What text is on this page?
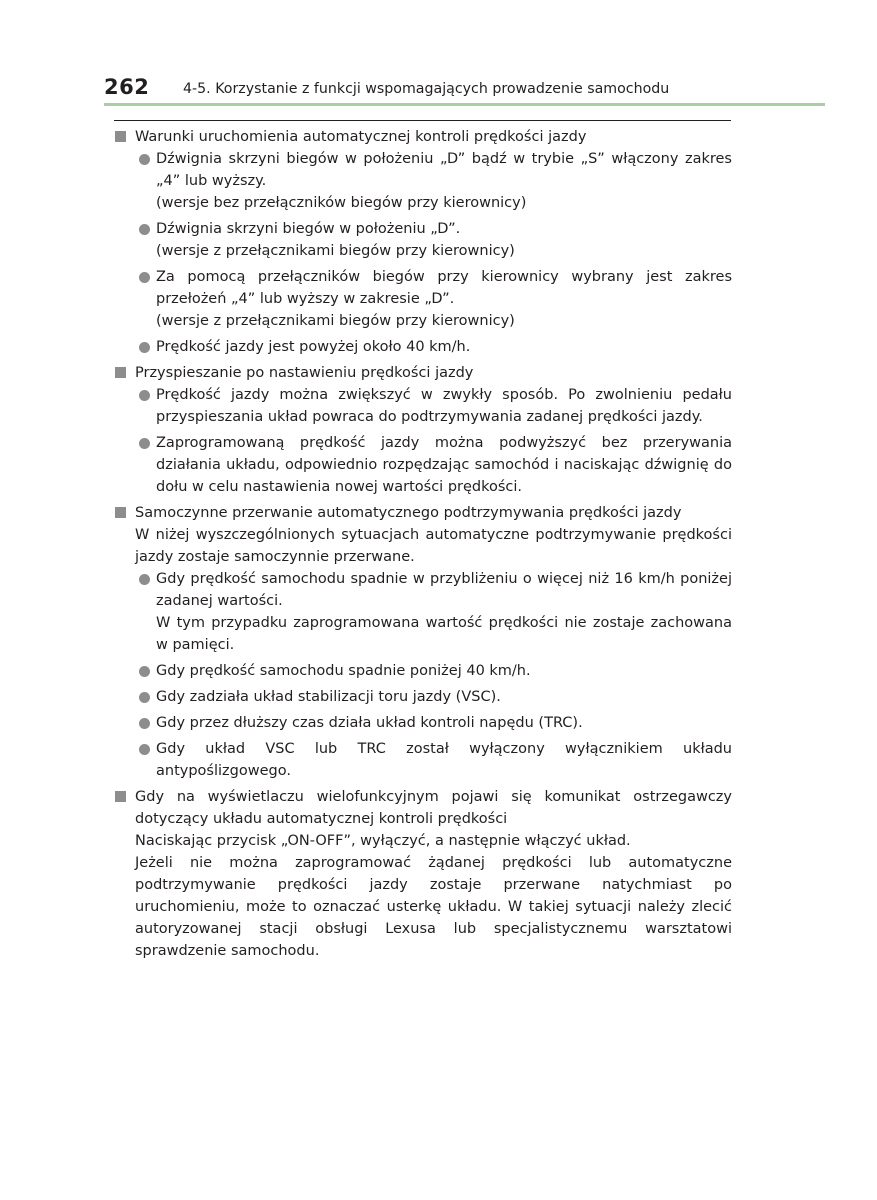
262 4-5. Korzystanie z funkcji wspomagających prowadzenie samochodu
Warunki uruchomienia automatycznej kontroli prędkości jazdy
Dźwignia skrzyni biegów w położeniu „D” bądź w trybie „S” włączony zakres „4” lub wyższy.
(wersje bez przełączników biegów przy kierownicy)
Dźwignia skrzyni biegów w położeniu „D”.
(wersje z przełącznikami biegów przy kierownicy)
Za pomocą przełączników biegów przy kierownicy wybrany jest zakres przełożeń „4” lub wyższy w zakresie „D”.
(wersje z przełącznikami biegów przy kierownicy)
Prędkość jazdy jest powyżej około 40 km/h.
Przyspieszanie po nastawieniu prędkości jazdy
Prędkość jazdy można zwiększyć w zwykły sposób. Po zwolnieniu pedału przyspieszania układ powraca do podtrzymywania zadanej prędkości jazdy.
Zaprogramowaną prędkość jazdy można podwyższyć bez przerywania działania układu, odpowiednio rozpędzając samochód i naciskając dźwignię do dołu w celu nastawienia nowej wartości prędkości.
Samoczynne przerwanie automatycznego podtrzymywania prędkości jazdy
W niżej wyszczególnionych sytuacjach automatyczne podtrzymywanie prędkości jazdy zostaje samoczynnie przerwane.
Gdy prędkość samochodu spadnie w przybliżeniu o więcej niż 16 km/h poniżej zadanej wartości.
W tym przypadku zaprogramowana wartość prędkości nie zostaje zachowana w pamięci.
Gdy prędkość samochodu spadnie poniżej 40 km/h.
Gdy zadziała układ stabilizacji toru jazdy (VSC).
Gdy przez dłuższy czas działa układ kontroli napędu (TRC).
Gdy układ VSC lub TRC został wyłączony wyłącznikiem układu antypoślizgowego.
Gdy na wyświetlaczu wielofunkcyjnym pojawi się komunikat ostrzegawczy dotyczący układu automatycznej kontroli prędkości
Naciskając przycisk „ON-OFF”, wyłączyć, a następnie włączyć układ.
Jeżeli nie można zaprogramować żądanej prędkości lub automatyczne podtrzymywanie prędkości jazdy zostaje przerwane natychmiast po uruchomieniu, może to oznaczać usterkę układu. W takiej sytuacji należy zlecić autoryzowanej stacji obsługi Lexusa lub specjalistycznemu warsztatowi sprawdzenie samochodu.
